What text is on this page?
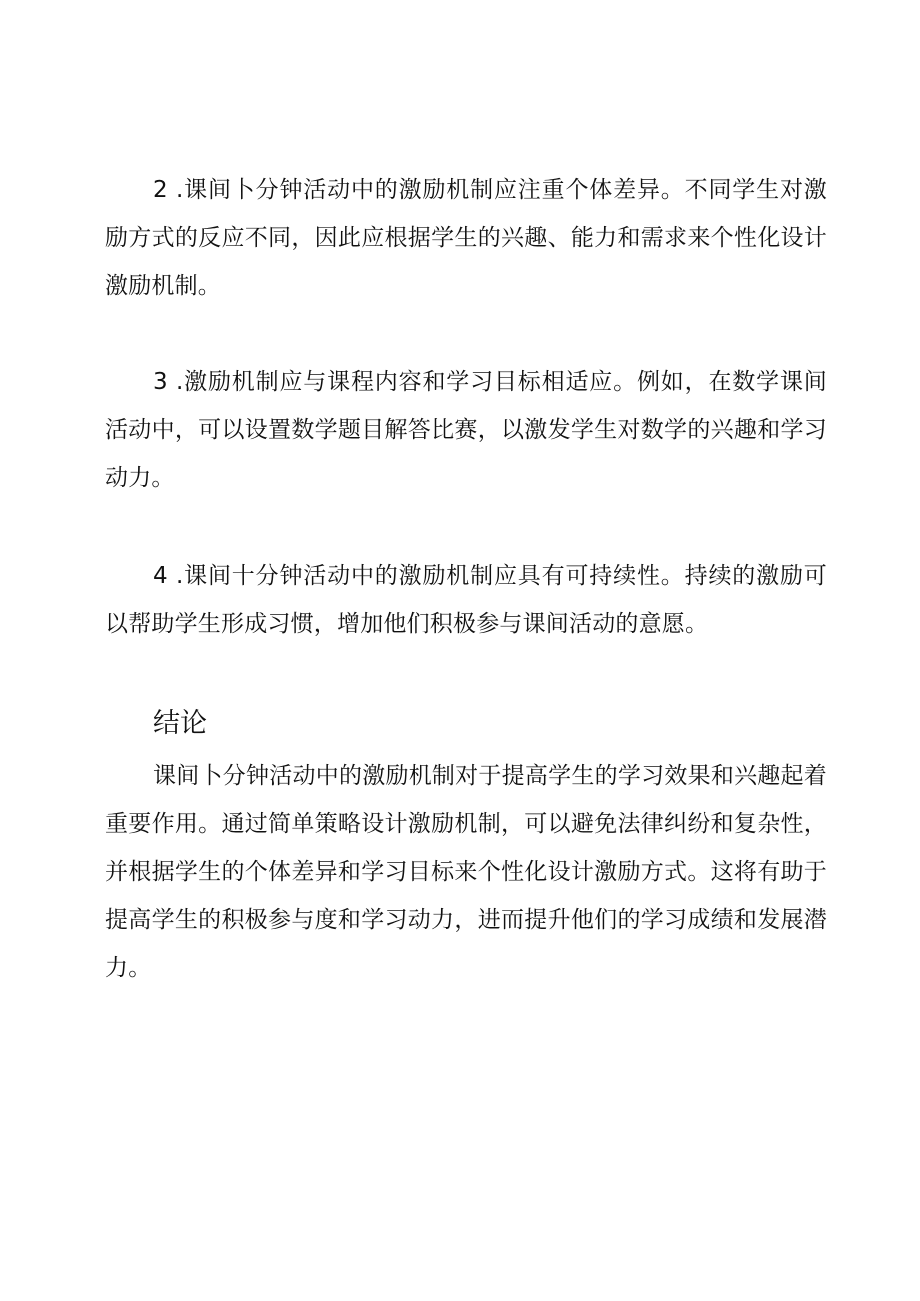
2 .课间卜分钟活动中的激励机制应注重个体差异。不同学生对激励方式的反应不同，因此应根据学生的兴趣、能力和需求来个性化设计激励机制。

3 .激励机制应与课程内容和学习目标相适应。例如，在数学课间活动中，可以设置数学题目解答比赛，以激发学生对数学的兴趣和学习动力。

4 .课间十分钟活动中的激励机制应具有可持续性。持续的激励可以帮助学生形成习惯，增加他们积极参与课间活动的意愿。

结论

课间卜分钟活动中的激励机制对于提高学生的学习效果和兴趣起着重要作用。通过简单策略设计激励机制，可以避免法律纠纷和复杂性，并根据学生的个体差异和学习目标来个性化设计激励方式。这将有助于提高学生的积极参与度和学习动力，进而提升他们的学习成绩和发展潜力。
